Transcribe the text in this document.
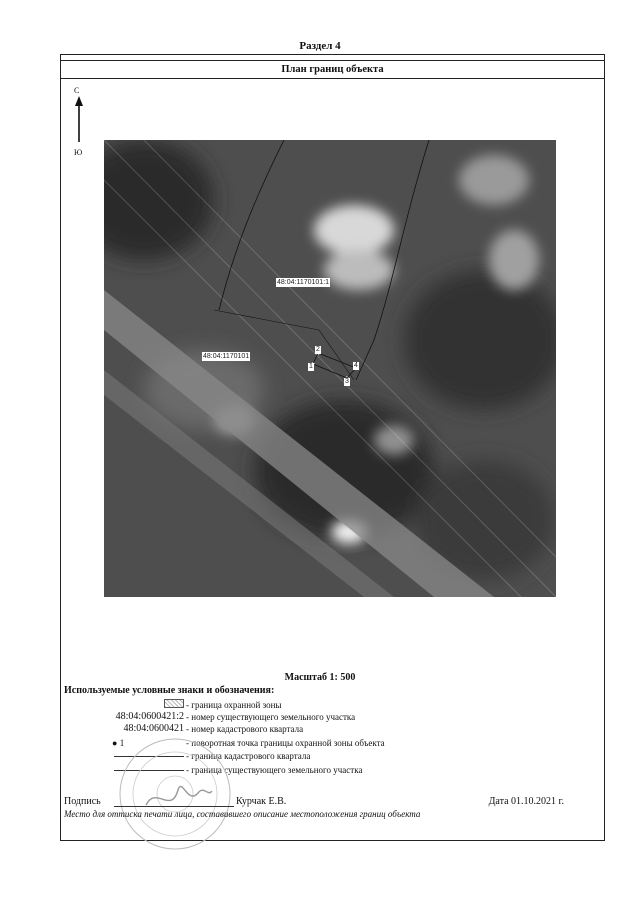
Раздел 4
План границ объекта
С
Ю
48:04:1170101:1
48:04:1170101
2
1
3
4
Масштаб 1: 500
Используемые условные знаки и обозначения:
- граница охранной зоны
48:04:0600421:2 - номер существующего земельного участка
48:04:0600421 - номер кадастрового квартала
● 1	- поворотная точка границы охранной зоны объекта
- граница кадастрового квартала
- граница существующего земельного участка
Подпись	Курчак Е.В.	Дата 01.10.2021 г.
Место для оттиска печати лица, составившего описание местоположения границ объекта
